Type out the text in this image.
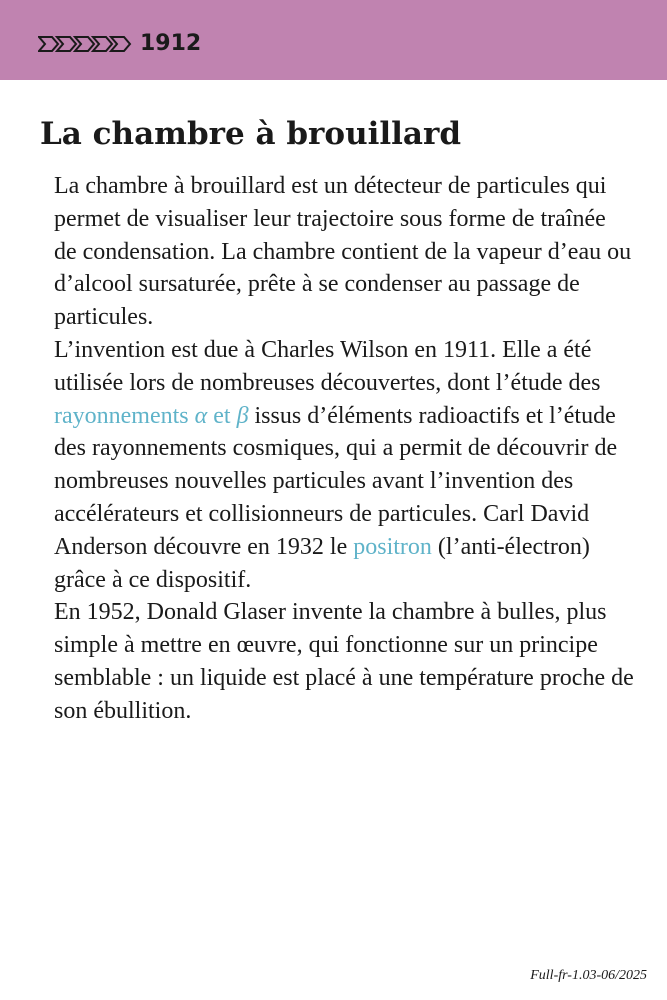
1912
La chambre à brouillard

La chambre à brouillard est un détecteur de particules qui permet de visualiser leur trajectoire sous forme de traînée de condensation. La chambre contient de la vapeur d’eau ou d’alcool sursaturée, prête à se condenser au passage de particules.

L’invention est due à Charles Wilson en 1911. Elle a été utilisée lors de nombreuses découvertes, dont l’étude des rayonnements α et β issus d’éléments radioactifs et l’étude des rayonnements cosmiques, qui a permit de découvrir de nombreuses nouvelles particules avant l’invention des accélérateurs et collisionneurs de particules. Carl David Anderson découvre en 1932 le positron (l’anti-électron) grâce à ce dispositif.

En 1952, Donald Glaser invente la chambre à bulles, plus simple à mettre en œuvre, qui fonctionne sur un principe semblable : un liquide est placé à une température proche de son ébullition.

Full-fr-1.03-06/2025
